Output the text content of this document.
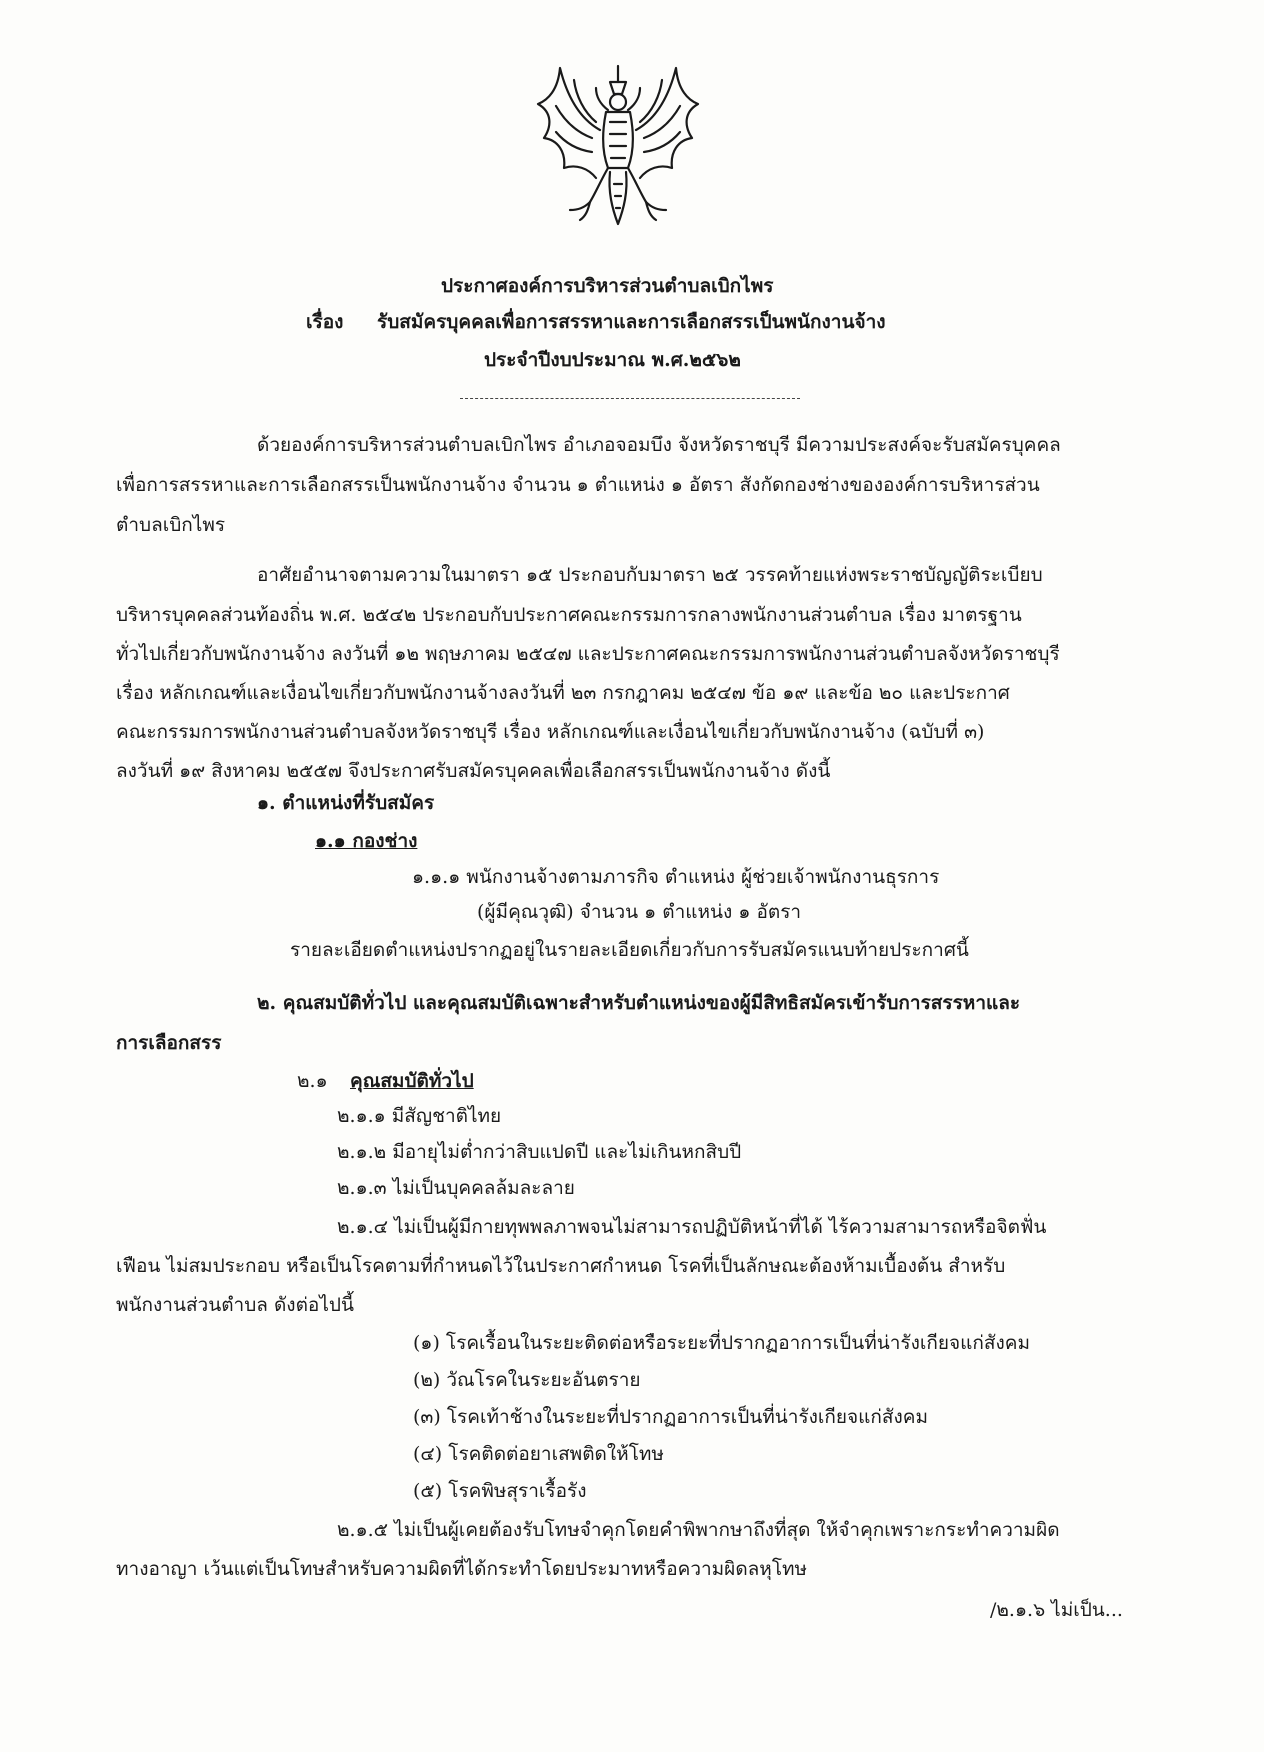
ประกาศองค์การบริหารส่วนตำบลเบิกไพร
เรื่อง รับสมัครบุคคลเพื่อการสรรหาและการเลือกสรรเป็นพนักงานจ้าง
ประจำปีงบประมาณ พ.ศ.๒๕๖๒
ด้วยองค์การบริหารส่วนตำบลเบิกไพร อำเภอจอมบึง จังหวัดราชบุรี มีความประสงค์จะรับสมัครบุคคล
เพื่อการสรรหาและการเลือกสรรเป็นพนักงานจ้าง จำนวน ๑ ตำแหน่ง ๑ อัตรา สังกัดกองช่างขององค์การบริหารส่วน
ตำบลเบิกไพร
อาศัยอำนาจตามความในมาตรา ๑๕ ประกอบกับมาตรา ๒๕ วรรคท้ายแห่งพระราชบัญญัติระเบียบ
บริหารบุคคลส่วนท้องถิ่น พ.ศ. ๒๕๔๒ ประกอบกับประกาศคณะกรรมการกลางพนักงานส่วนตำบล เรื่อง มาตรฐาน
ทั่วไปเกี่ยวกับพนักงานจ้าง ลงวันที่ ๑๒ พฤษภาคม ๒๕๔๗ และประกาศคณะกรรมการพนักงานส่วนตำบลจังหวัดราชบุรี
เรื่อง หลักเกณฑ์และเงื่อนไขเกี่ยวกับพนักงานจ้างลงวันที่ ๒๓ กรกฎาคม ๒๕๔๗ ข้อ ๑๙ และข้อ ๒๐ และประกาศ
คณะกรรมการพนักงานส่วนตำบลจังหวัดราชบุรี เรื่อง หลักเกณฑ์และเงื่อนไขเกี่ยวกับพนักงานจ้าง (ฉบับที่ ๓)
ลงวันที่ ๑๙ สิงหาคม ๒๕๕๗ จึงประกาศรับสมัครบุคคลเพื่อเลือกสรรเป็นพนักงานจ้าง ดังนี้
๑. ตำแหน่งที่รับสมัคร
๑.๑ กองช่าง
๑.๑.๑ พนักงานจ้างตามภารกิจ ตำแหน่ง ผู้ช่วยเจ้าพนักงานธุรการ
(ผู้มีคุณวุฒิ) จำนวน ๑ ตำแหน่ง ๑ อัตรา
รายละเอียดตำแหน่งปรากฏอยู่ในรายละเอียดเกี่ยวกับการรับสมัครแนบท้ายประกาศนี้
๒. คุณสมบัติทั่วไป และคุณสมบัติเฉพาะสำหรับตำแหน่งของผู้มีสิทธิสมัครเข้ารับการสรรหาและ
การเลือกสรร
๒.๑ คุณสมบัติทั่วไป
๒.๑.๑ มีสัญชาติไทย
๒.๑.๒ มีอายุไม่ต่ำกว่าสิบแปดปี และไม่เกินหกสิบปี
๒.๑.๓ ไม่เป็นบุคคลล้มละลาย
๒.๑.๔ ไม่เป็นผู้มีกายทุพพลภาพจนไม่สามารถปฏิบัติหน้าที่ได้ ไร้ความสามารถหรือจิตฟั่น
เฟือน ไม่สมประกอบ หรือเป็นโรคตามที่กำหนดไว้ในประกาศกำหนด โรคที่เป็นลักษณะต้องห้ามเบื้องต้น สำหรับ
พนักงานส่วนตำบล ดังต่อไปนี้
(๑) โรคเรื้อนในระยะติดต่อหรือระยะที่ปรากฏอาการเป็นที่น่ารังเกียจแก่สังคม
(๒) วัณโรคในระยะอันตราย
(๓) โรคเท้าช้างในระยะที่ปรากฏอาการเป็นที่น่ารังเกียจแก่สังคม
(๔) โรคติดต่อยาเสพติดให้โทษ
(๕) โรคพิษสุราเรื้อรัง
๒.๑.๕ ไม่เป็นผู้เคยต้องรับโทษจำคุกโดยคำพิพากษาถึงที่สุด ให้จำคุกเพราะกระทำความผิด
ทางอาญา เว้นแต่เป็นโทษสำหรับความผิดที่ได้กระทำโดยประมาทหรือความผิดลหุโทษ
/๒.๑.๖ ไม่เป็น...
